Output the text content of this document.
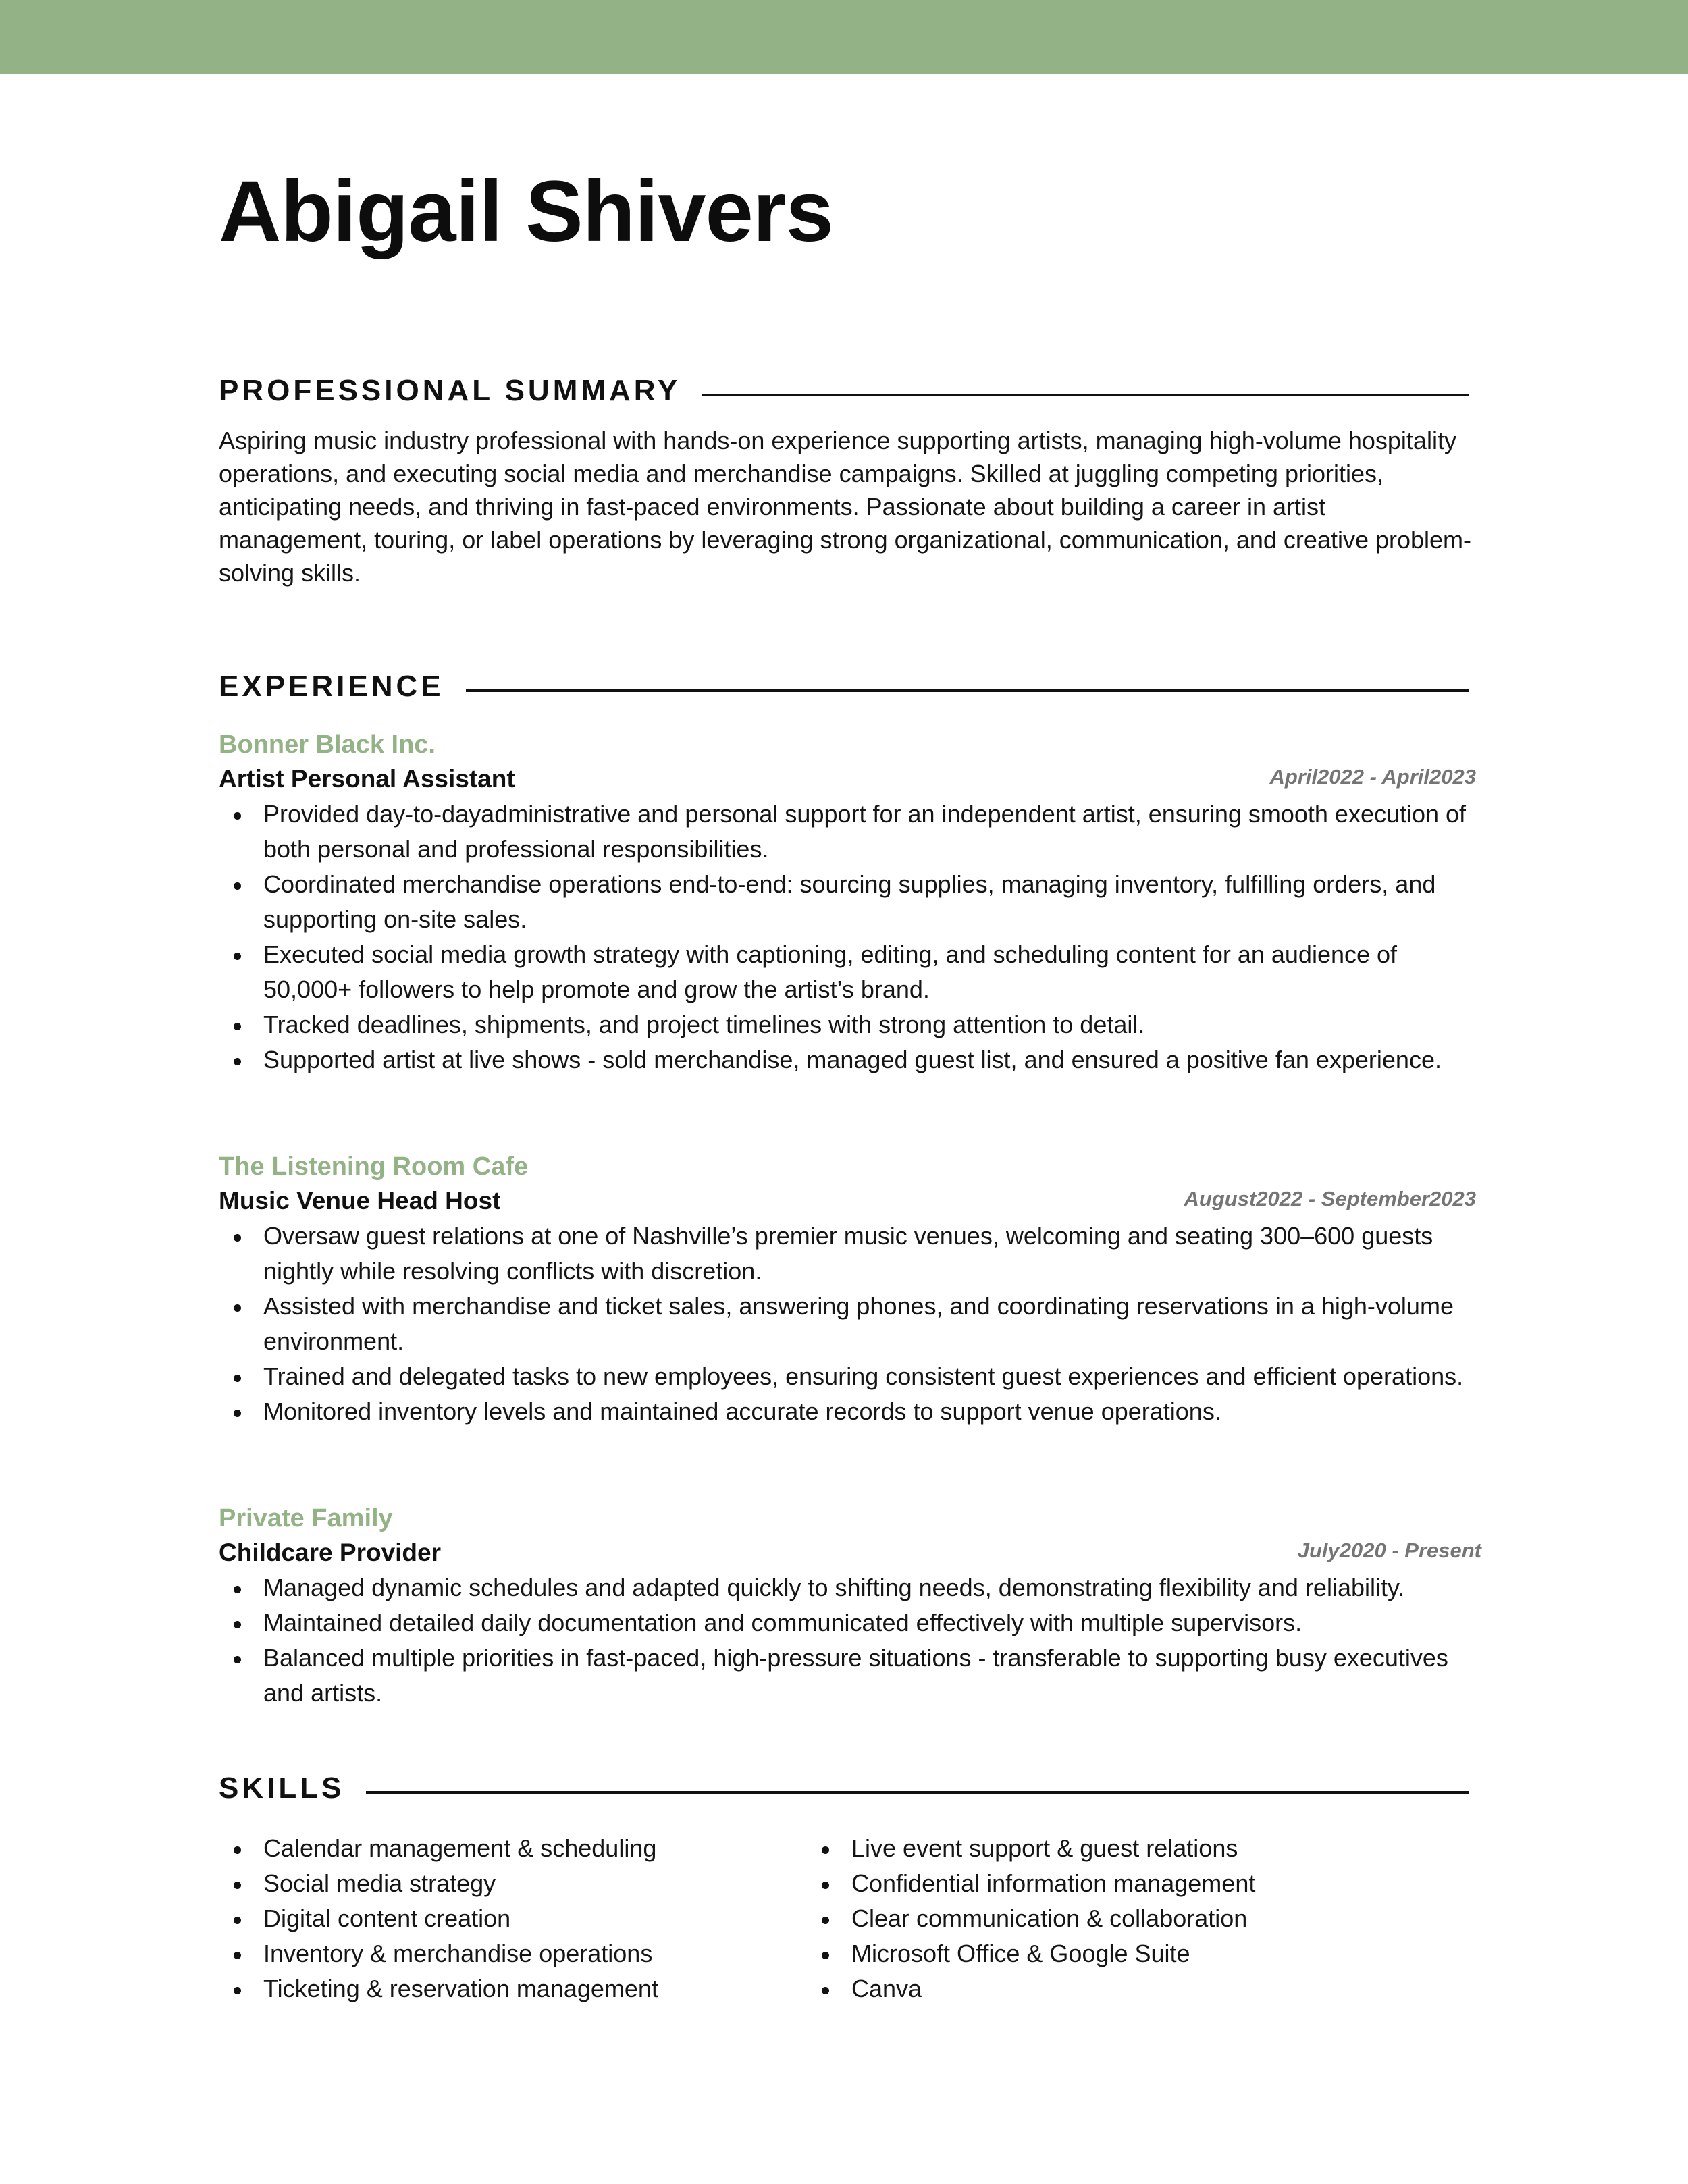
Abigail Shivers
PROFESSIONAL SUMMARY

Aspiring music industry professional with hands-on experience supporting artists, managing high-volume hospitality operations, and executing social media and merchandise campaigns. Skilled at juggling competing priorities, anticipating needs, and thriving in fast-paced environments. Passionate about building a career in artist management, touring, or label operations by leveraging strong organizational, communication, and creative problem-solving skills.

EXPERIENCE
Bonner Black Inc.
Artist Personal Assistant	April2022 - April2023
Provided day-to-dayadministrative and personal support for an independent artist, ensuring smooth execution of both personal and professional responsibilities.
Coordinated merchandise operations end-to-end: sourcing supplies, managing inventory, fulfilling orders, and supporting on-site sales.
Executed social media growth strategy with captioning, editing, and scheduling content for an audience of 50,000+ followers to help promote and grow the artist’s brand.
Tracked deadlines, shipments, and project timelines with strong attention to detail.
Supported artist at live shows - sold merchandise, managed guest list, and ensured a positive fan experience.
The Listening Room Cafe
Music Venue Head Host	August2022 - September2023
Oversaw guest relations at one of Nashville’s premier music venues, welcoming and seating 300–600 guests nightly while resolving conflicts with discretion.
Assisted with merchandise and ticket sales, answering phones, and coordinating reservations in a high-volume environment.
Trained and delegated tasks to new employees, ensuring consistent guest experiences and efficient operations.
Monitored inventory levels and maintained accurate records to support venue operations.
Private Family
Childcare Provider	July2020 - Present
Managed dynamic schedules and adapted quickly to shifting needs, demonstrating flexibility and reliability.
Maintained detailed daily documentation and communicated effectively with multiple supervisors.
Balanced multiple priorities in fast-paced, high-pressure situations - transferable to supporting busy executives and artists.
SKILLS
Calendar management & scheduling
Social media strategy
Digital content creation
Inventory & merchandise operations
Ticketing & reservation management
Live event support & guest relations
Confidential information management
Clear communication & collaboration
Microsoft Office & Google Suite
Canva
